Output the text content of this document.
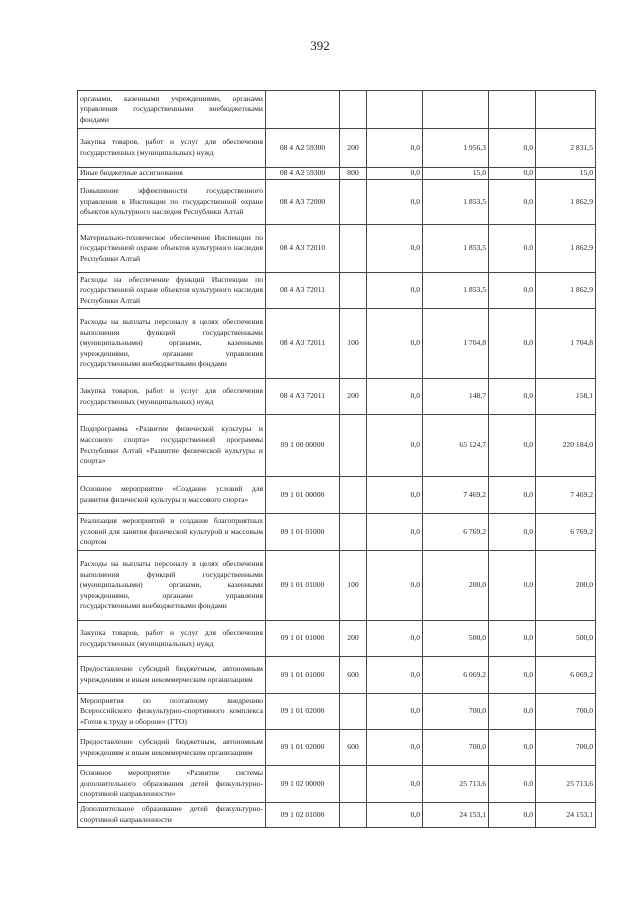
392
органами, казенными учреждениями, органами управления государственными внебюджетными фондами						
Закупка товаров, работ и услуг для обеспечения государственных (муниципальных) нужд	08 4 А2 59300	200	0,0	1 956,3	0,0	2 831,5
Иные бюджетные ассигнования	08 4 А2 59300	800	0,0	15,0	0,0	15,0
Повышение эффективности государственного управления в Инспекции по государственной охране объектов культурного наследия Республики Алтай	08 4 А3 72000		0,0	1 853,5	0,0	1 862,9
Материально-техническое обеспечение Инспекции по государственной охране объектов культурного наследия Республики Алтай	08 4 А3 72010		0,0	1 853,5	0,0	1 862,9
Расходы на обеспечение функций Инспекции по государственной охране объектов культурного наследия Республики Алтай	08 4 А3 72011		0,0	1 853,5	0,0	1 862,9
Расходы на выплаты персоналу в целях обеспечения выполнения функций государственными (муниципальными) органами, казенными учреждениями, органами управления государственными внебюджетными фондами	08 4 А3 72011	100	0,0	1 704,8	0,0	1 704,8
Закупка товаров, работ и услуг для обеспечения государственных (муниципальных) нужд	08 4 А3 72011	200	0,0	148,7	0,0	158,1
Подпрограмма «Развитие физической культуры и массового спорта» государственной программы Республики Алтай «Развитие физической культуры и спорта»	09 1 00 00000		0,0	65 124,7	0,0	220 184,0
Основное мероприятие «Создание условий для развития физической культуры и массового спорта»	09 1 01 00000		0,0	7 469,2	0,0	7 469,2
Реализация мероприятий и создание благоприятных условий для занятия физической культурой и массовым спортом	09 1 01 01000		0,0	6 769,2	0,0	6 769,2
Расходы на выплаты персоналу в целях обеспечения выполнения функций государственными (муниципальными) органами, казенными учреждениями, органами управления государственными внебюджетными фондами	09 1 01 01000	100	0,0	200,0	0,0	200,0
Закупка товаров, работ и услуг для обеспечения государственных (муниципальных) нужд	09 1 01 01000	200	0,0	500,0	0,0	500,0
Предоставление субсидий бюджетным, автономным учреждениям и иным некоммерческим организациям	09 1 01 01000	600	0,0	6 069,2	0,0	6 069,2
Мероприятия по поэтапному внедрению Всероссийского физкультурно-спортивного комплекса «Готов к труду и обороне» (ГТО)	09 1 01 02000		0,0	700,0	0,0	700,0
Предоставление субсидий бюджетным, автономным учреждениям и иным некоммерческим организациям	09 1 01 02000	600	0,0	700,0	0,0	700,0
Основное мероприятие «Развитие системы дополнительного образования детей физкультурно-спортивной направленности»	09 1 02 00000		0,0	25 713,6	0,0	25 713,6
Дополнительное образование детей физкультурно-спортивной направленности	09 1 02 01000		0,0	24 153,1	0,0	24 153,1
